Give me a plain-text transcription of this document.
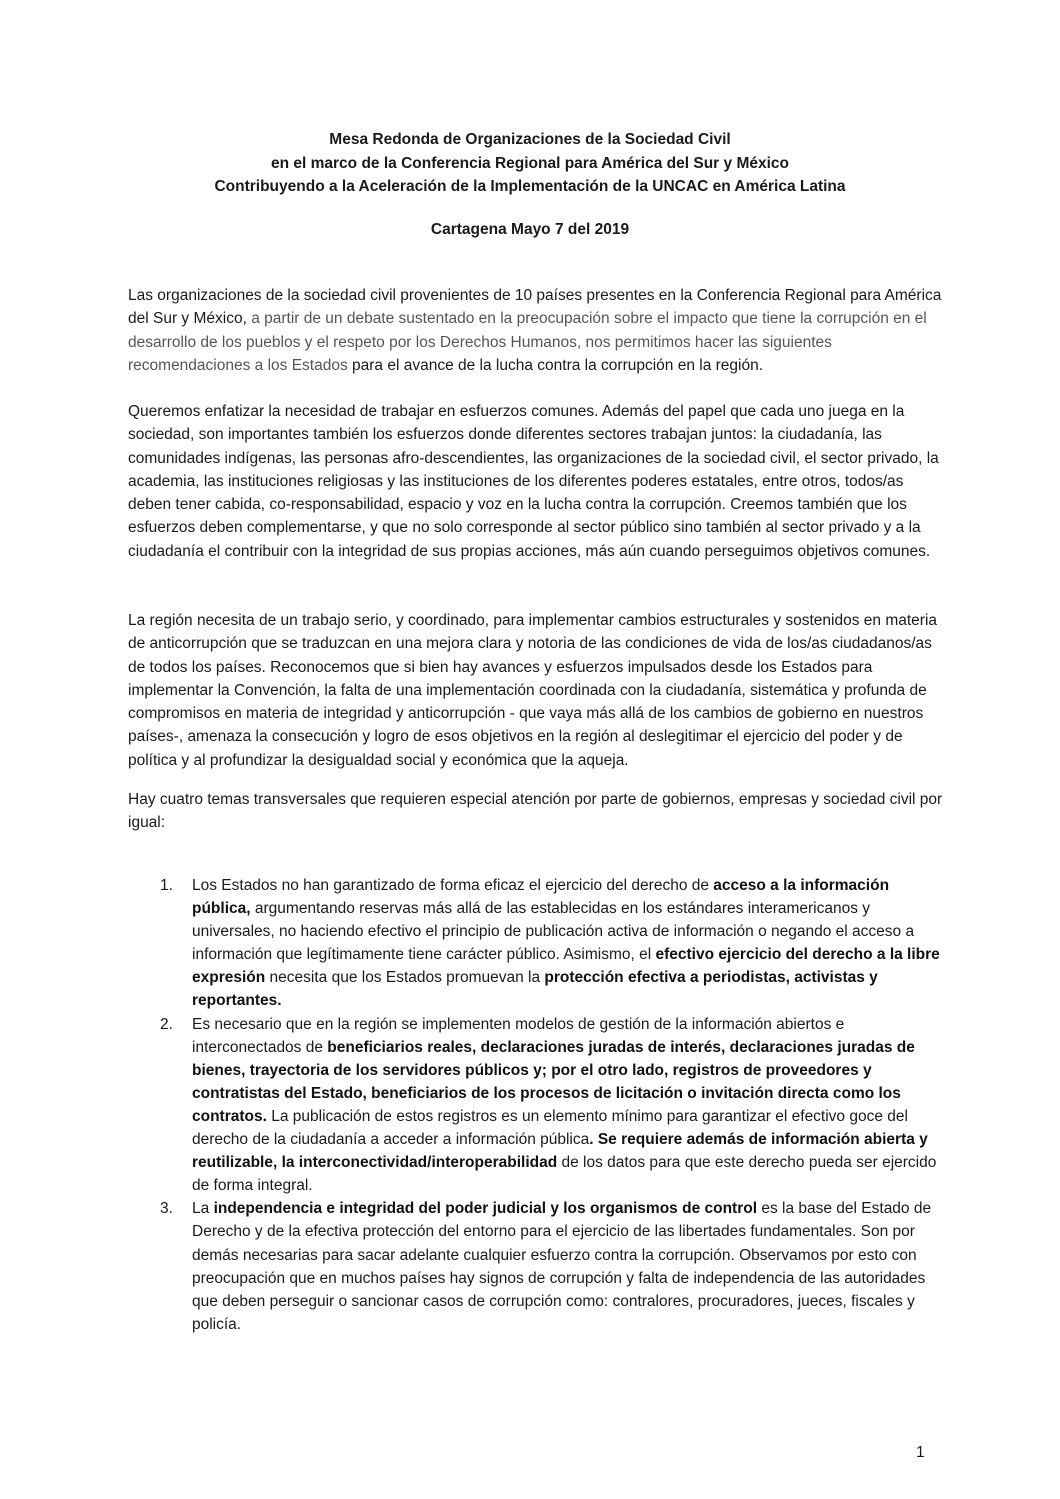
Mesa Redonda de Organizaciones de la Sociedad Civil
en el marco de la Conferencia Regional para América del Sur y México
Contribuyendo a la Aceleración de la Implementación de la UNCAC en América Latina
Cartagena Mayo 7 del 2019

Las organizaciones de la sociedad civil provenientes de 10 países presentes en la Conferencia Regional para América del Sur y México, a partir de un debate sustentado en la preocupación sobre el impacto que tiene la corrupción en el desarrollo de los pueblos y el respeto por los Derechos Humanos, nos permitimos hacer las siguientes recomendaciones a los Estados para el avance de la lucha contra la corrupción en la región.

Queremos enfatizar la necesidad de trabajar en esfuerzos comunes. Además del papel que cada uno juega en la sociedad, son importantes también los esfuerzos donde diferentes sectores trabajan juntos: la ciudadanía, las comunidades indígenas, las personas afro-descendientes, las organizaciones de la sociedad civil, el sector privado, la academia, las instituciones religiosas y las instituciones de los diferentes poderes estatales, entre otros, todos/as deben tener cabida, co-responsabilidad, espacio y voz en la lucha contra la corrupción. Creemos también que los esfuerzos deben complementarse, y que no solo corresponde al sector público sino también al sector privado y a la ciudadanía el contribuir con la integridad de sus propias acciones, más aún cuando perseguimos objetivos comunes.

La región necesita de un trabajo serio, y coordinado, para implementar cambios estructurales y sostenidos en materia de anticorrupción que se traduzcan en una mejora clara y notoria de las condiciones de vida de los/as ciudadanos/as de todos los países. Reconocemos que si bien hay avances y esfuerzos impulsados desde los Estados para implementar la Convención, la falta de una implementación coordinada con la ciudadanía, sistemática y profunda de compromisos en materia de integridad y anticorrupción - que vaya más allá de los cambios de gobierno en nuestros países-, amenaza la consecución y logro de esos objetivos en la región al deslegitimar el ejercicio del poder y de política y al profundizar la desigualdad social y económica que la aqueja.

Hay cuatro temas transversales que requieren especial atención por parte de gobiernos, empresas y sociedad civil por igual:

1. Los Estados no han garantizado de forma eficaz el ejercicio del derecho de acceso a la información pública, argumentando reservas más allá de las establecidas en los estándares interamericanos y universales, no haciendo efectivo el principio de publicación activa de información o negando el acceso a información que legítimamente tiene carácter público. Asimismo, el efectivo ejercicio del derecho a la libre expresión necesita que los Estados promuevan la protección efectiva a periodistas, activistas y reportantes.
2. Es necesario que en la región se implementen modelos de gestión de la información abiertos e interconectados de beneficiarios reales, declaraciones juradas de interés, declaraciones juradas de bienes, trayectoria de los servidores públicos y; por el otro lado, registros de proveedores y contratistas del Estado, beneficiarios de los procesos de licitación o invitación directa como los contratos. La publicación de estos registros es un elemento mínimo para garantizar el efectivo goce del derecho de la ciudadanía a acceder a información pública. Se requiere además de información abierta y reutilizable, la interconectividad/interoperabilidad de los datos para que este derecho pueda ser ejercido de forma integral.
3. La independencia e integridad del poder judicial y los organismos de control es la base del Estado de Derecho y de la efectiva protección del entorno para el ejercicio de las libertades fundamentales. Son por demás necesarias para sacar adelante cualquier esfuerzo contra la corrupción. Observamos por esto con preocupación que en muchos países hay signos de corrupción y falta de independencia de las autoridades que deben perseguir o sancionar casos de corrupción como: contralores, procuradores, jueces, fiscales y policía.
1
